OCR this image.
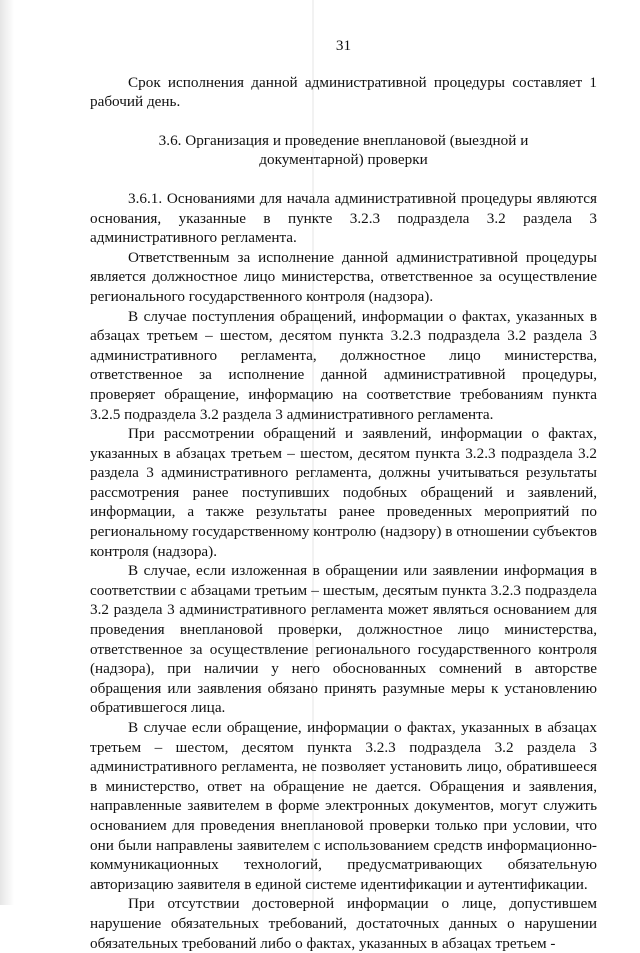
31

Срок исполнения данной административной процедуры составляет 1 рабочий день.

3.6. Организация и проведение внеплановой (выездной и документарной) проверки

3.6.1. Основаниями для начала административной процедуры являются основания, указанные в пункте 3.2.3 подраздела 3.2 раздела 3 административного регламента.

Ответственным за исполнение данной административной процедуры является должностное лицо министерства, ответственное за осуществление регионального государственного контроля (надзора).

В случае поступления обращений, информации о фактах, указанных в абзацах третьем – шестом, десятом пункта 3.2.3 подраздела 3.2 раздела 3 административного регламента, должностное лицо министерства, ответственное за исполнение данной административной процедуры, проверяет обращение, информацию на соответствие требованиям пункта 3.2.5 подраздела 3.2 раздела 3 административного регламента.

При рассмотрении обращений и заявлений, информации о фактах, указанных в абзацах третьем – шестом, десятом пункта 3.2.3 подраздела 3.2 раздела 3 административного регламента, должны учитываться результаты рассмотрения ранее поступивших подобных обращений и заявлений, информации, а также результаты ранее проведенных мероприятий по региональному государственному контролю (надзору) в отношении субъектов контроля (надзора).

В случае, если изложенная в обращении или заявлении информация в соответствии с абзацами третьим – шестым, десятым пункта 3.2.3 подраздела 3.2 раздела 3 административного регламента может являться основанием для проведения внеплановой проверки, должностное лицо министерства, ответственное за осуществление регионального государственного контроля (надзора), при наличии у него обоснованных сомнений в авторстве обращения или заявления обязано принять разумные меры к установлению обратившегося лица.

В случае если обращение, информации о фактах, указанных в абзацах третьем – шестом, десятом пункта 3.2.3 подраздела 3.2 раздела 3 административного регламента, не позволяет установить лицо, обратившееся в министерство, ответ на обращение не дается. Обращения и заявления, направленные заявителем в форме электронных документов, могут служить основанием для проведения внеплановой проверки только при условии, что они были направлены заявителем с использованием средств информационно-коммуникационных технологий, предусматривающих обязательную авторизацию заявителя в единой системе идентификации и аутентификации.

При отсутствии достоверной информации о лице, допустившем нарушение обязательных требований, достаточных данных о нарушении обязательных требований либо о фактах, указанных в абзацах третьем -
